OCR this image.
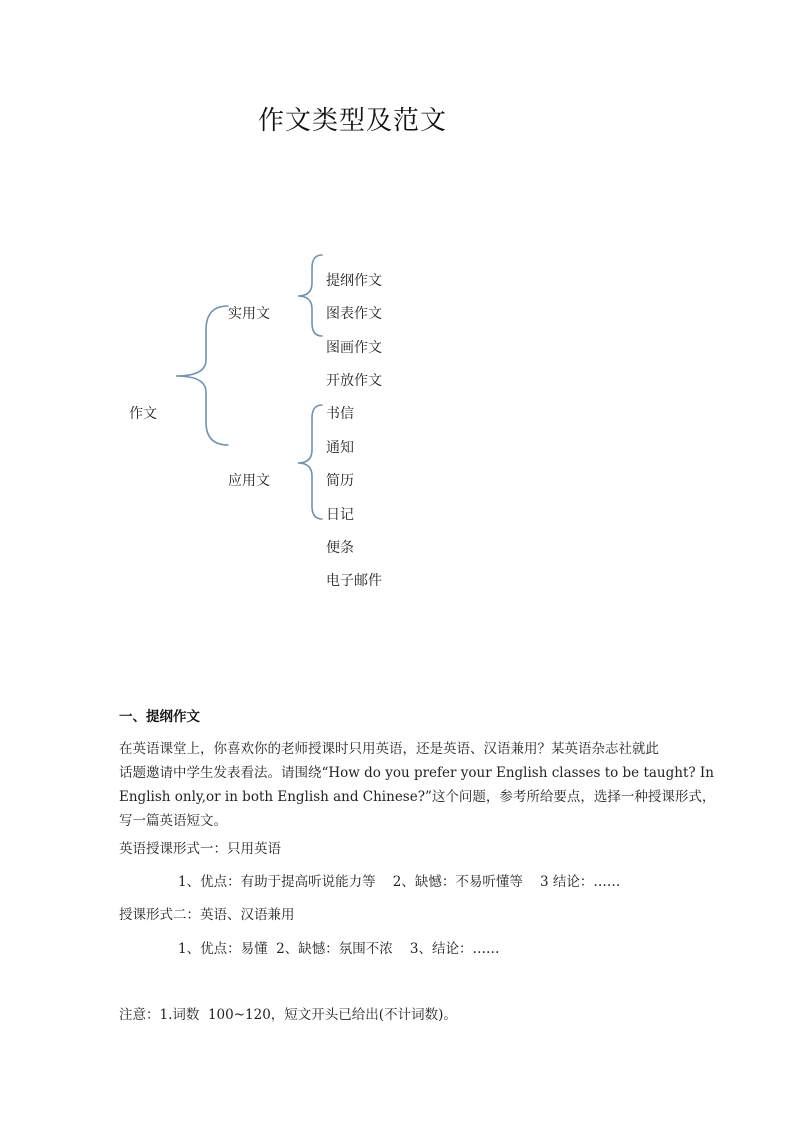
作文类型及范文
作文
实用文
应用文
提纲作文
图表作文
图画作文
开放作文
书信
通知
简历
日记
便条
电子邮件
一、提纲作文
在英语课堂上，你喜欢你的老师授课时只用英语，还是英语、汉语兼用？某英语杂志社就此
话题邀请中学生发表看法。请围绕“How do you prefer your English classes to be taught? In
English only,or in both English and Chinese?”这个问题，参考所给要点，选择一种授课形式，
写一篇英语短文。
英语授课形式一：只用英语
1、优点：有助于提高听说能力等    2、缺憾：不易听懂等    3 结论：……
授课形式二：英语、汉语兼用
1、优点：易懂  2、缺憾：氛围不浓    3、结论：……
注意：1.词数  100~120，短文开头已给出(不计词数)。
